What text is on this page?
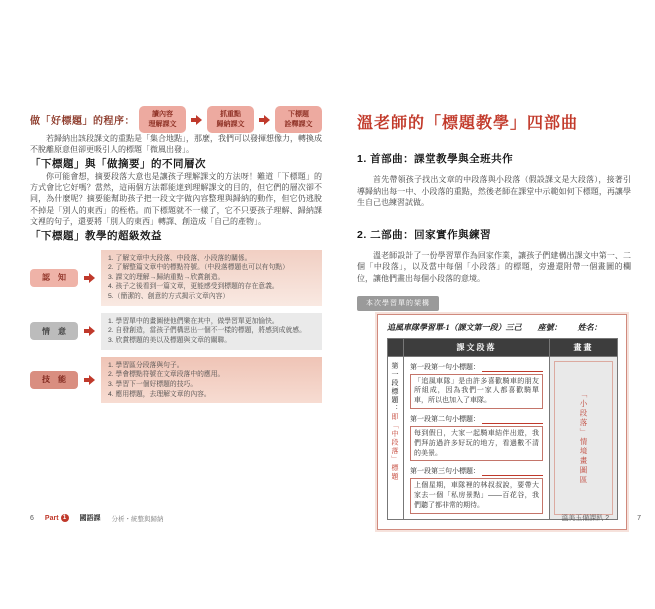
做「好標題」的程序：
讀內容
理解課文
抓重點
歸納課文
下標題
詮釋課文

若歸納出該段課文的重點是「集合地點」，那麼，我們可以發揮想像力，轉換成不脫離原意但卻更吸引人的標題「微風出發」。

「下標題」與「做摘要」的不同層次

你可能會想，摘要段落大意也是讓孩子理解課文的方法呀！難道「下標題」的方式會比它好嗎？當然，這兩個方法都能達到理解課文的目的，但它們的層次卻不同，為什麼呢？摘要能幫助孩子把一段文字做內容整理與歸納的動作，但它仍逃脫不掉是「別人的東西」的桎梏。而下標題就不一樣了，它不只要孩子理解、歸納課文裡的句子，還要將「別人的東西」轉譯、創造成「自己的產物」。

「下標題」教學的超級效益
認　知
1. 了解文章中大段落、中段落、小段落的關係。
2. 了解整篇文章中的標點符號。（中段落標題也可以有句點）
3. 課文的理解→歸納重點→欣賞創造。
4. 孩子之後看到一篇文章，更能感受到標題的存在意義。
5.（簡潔的、創意的方式揭示文章內容）
情　意
1. 學習單中的畫圖使他們樂在其中，做學習單更加愉快。
2. 自發創造，當孩子們構思出一個不一樣的標題，將感到成就感。
3. 欣賞標題的美以及標題與文章的關聯。
技　能
1. 學習區分段落與句子。
2. 學會標點符號在文章段落中的應用。
3. 學習下一個好標題的技巧。
4. 應用標題，去理解文章的內容。
溫老師的「標題教學」四部曲
1. 首部曲：課堂教學與全班共作

首先帶領孩子找出文章的中段落與小段落（假設課文是大段落），接著引導歸納出每一中、小段落的重點，然後老師在課堂中示範如何下標題，再讓學生自己也練習試做。

2. 二部曲：回家實作與練習

溫老師設計了一份學習單作為回家作業，讓孩子們建構出課文中第一、二個「中段落」，以及當中每個「小段落」的標題，旁邊還附帶一個畫圖的欄位，讓他們畫出每個小段落的意境。

本次學習單的架構
追風車隊學習單-1（課文第一段）三己 座號： 姓名：
	課文段落	畫畫
第一段標題：即「中段落」標題	
第一段第一句小標題：
「追風車隊」是由許多喜歡騎車的朋友所組成，因為我們一家人都喜歡騎單車，所以也加入了車隊。
第一段第二句小標題：
每到假日，大家一起騎車結伴出遊，我們拜訪過許多好玩的地方，看過數不清的美景。
第一段第三句小標題：
上個星期，車隊裡的林叔叔說，要帶大家去一個「私房景點」——百花谷，我們聽了都非常的期待。

「小段落」情境畫圖區
6 Part 1	國語課 分析・統整與歸納	溫美玉備課趴 2	7
